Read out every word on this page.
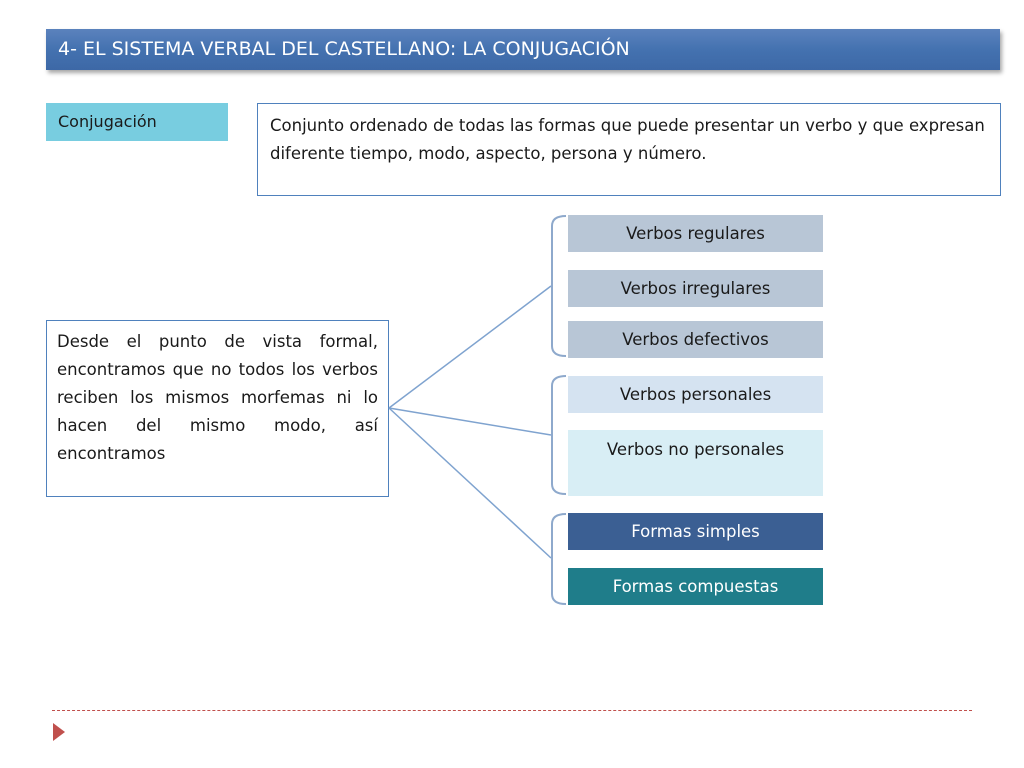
4- EL SISTEMA VERBAL DEL CASTELLANO: LA CONJUGACIÓN
Conjugación	Conjunto ordenado de todas las formas que puede presentar un verbo y que expresan diferente tiempo, modo, aspecto, persona y número.
Desde el punto de vista formal, encontramos que no todos los verbos reciben los mismos morfemas ni lo hacen del mismo modo, así encontramos
Verbos regulares
Verbos irregulares
Verbos defectivos
Verbos personales
Verbos no personales
Formas simples
Formas compuestas
